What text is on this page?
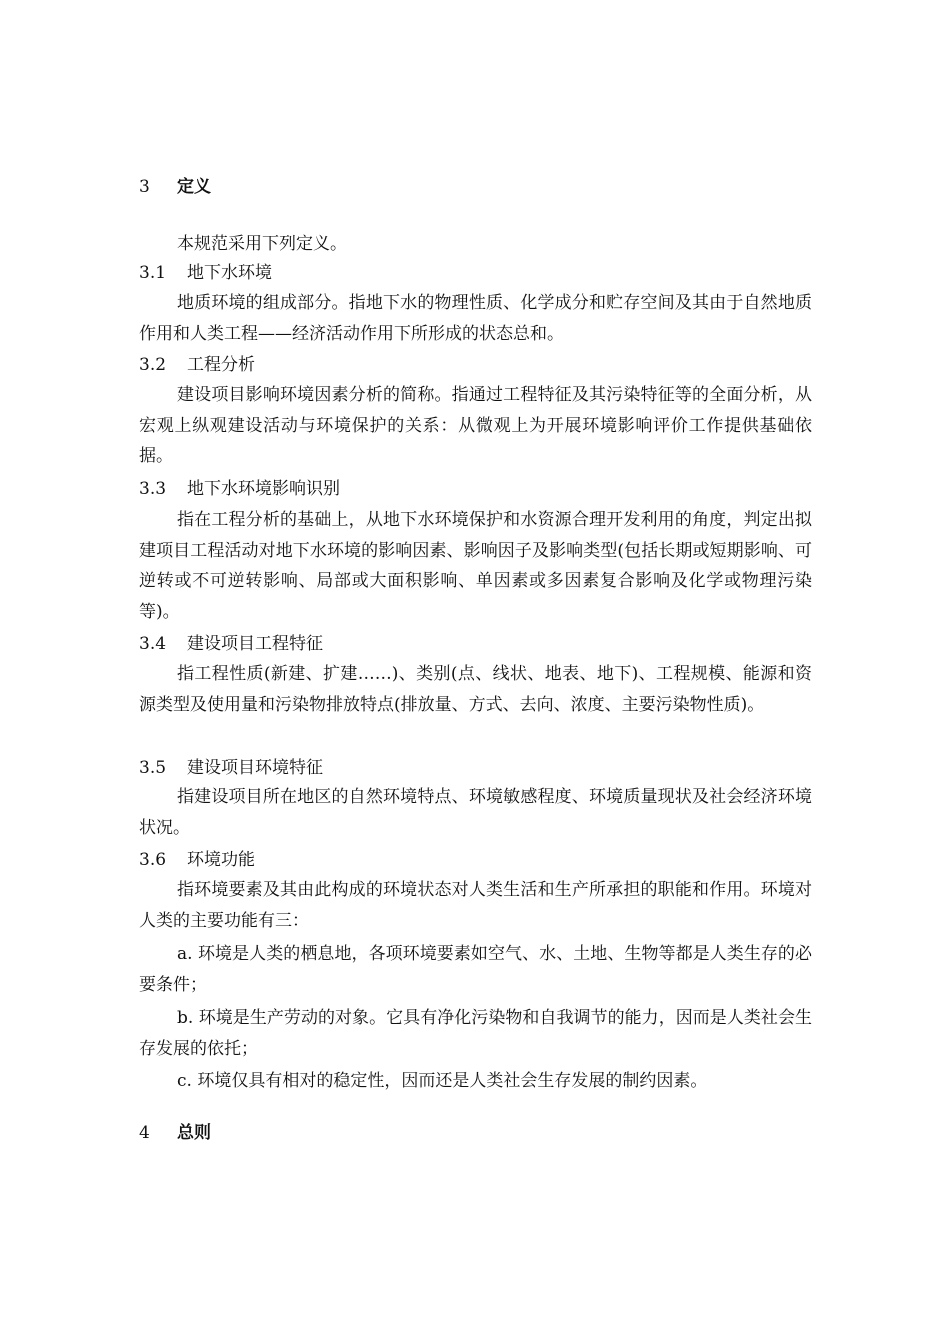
3 定义
本规范采用下列定义。
3.1 地下水环境
地质环境的组成部分。指地下水的物理性质、化学成分和贮存空间及其由于自然地质作用和人类工程——经济活动作用下所形成的状态总和。
3.2 工程分析
建设项目影响环境因素分析的简称。指通过工程特征及其污染特征等的全面分析，从宏观上纵观建设活动与环境保护的关系：从微观上为开展环境影响评价工作提供基础依据。
3.3 地下水环境影响识别
指在工程分析的基础上，从地下水环境保护和水资源合理开发利用的角度，判定出拟建项目工程活动对地下水环境的影响因素、影响因子及影响类型(包括长期或短期影响、可逆转或不可逆转影响、局部或大面积影响、单因素或多因素复合影响及化学或物理污染等)。
3.4 建设项目工程特征
指工程性质(新建、扩建……)、类别(点、线状、地表、地下)、工程规模、能源和资源类型及使用量和污染物排放特点(排放量、方式、去向、浓度、主要污染物性质)。
3.5 建设项目环境特征
指建设项目所在地区的自然环境特点、环境敏感程度、环境质量现状及社会经济环境状况。
3.6 环境功能
指环境要素及其由此构成的环境状态对人类生活和生产所承担的职能和作用。环境对人类的主要功能有三：
a. 环境是人类的栖息地，各项环境要素如空气、水、土地、生物等都是人类生存的必要条件；
b. 环境是生产劳动的对象。它具有净化污染物和自我调节的能力，因而是人类社会生存发展的依托；
c. 环境仅具有相对的稳定性，因而还是人类社会生存发展的制约因素。
4 总则
